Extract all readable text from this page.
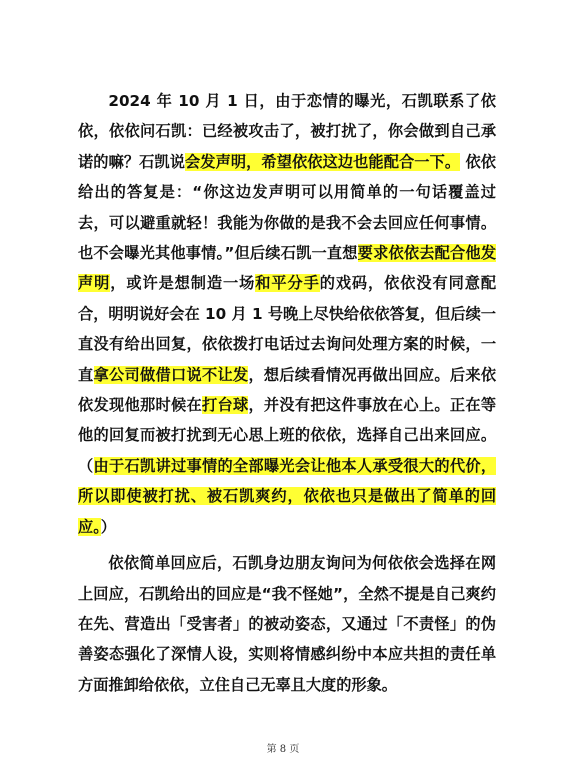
2024 年 10 月 1 日，由于恋情的曝光，石凯联系了依依，依依问石凯：已经被攻击了，被打扰了，你会做到自己承诺的嘛？石凯说会发声明，希望依依这边也能配合一下。 依依给出的答复是：“你这边发声明可以用简单的一句话覆盖过去，可以避重就轻！我能为你做的是我不会去回应任何事情。也不会曝光其他事情。”但后续石凯一直想要求依依去配合他发声明，或许是想制造一场和平分手的戏码，依依没有同意配合，明明说好会在 10 月 1 号晚上尽快给依依答复，但后续一直没有给出回复，依依拨打电话过去询问处理方案的时候，一直拿公司做借口说不让发，想后续看情况再做出回应。后来依依发现他那时候在打台球，并没有把这件事放在心上。正在等他的回复而被打扰到无心思上班的依依，选择自己出来回应。（由于石凯讲过事情的全部曝光会让他本人承受很大的代价，所以即使被打扰、被石凯爽约，依依也只是做出了简单的回应。）

依依简单回应后，石凯身边朋友询问为何依依会选择在网上回应，石凯给出的回应是“我不怪她”，全然不提是自己爽约在先、营造出「受害者」的被动姿态，又通过「不责怪」的伪善姿态强化了深情人设，实则将情感纠纷中本应共担的责任单方面推卸给依依，立住自己无辜且大度的形象。

第 8 页
